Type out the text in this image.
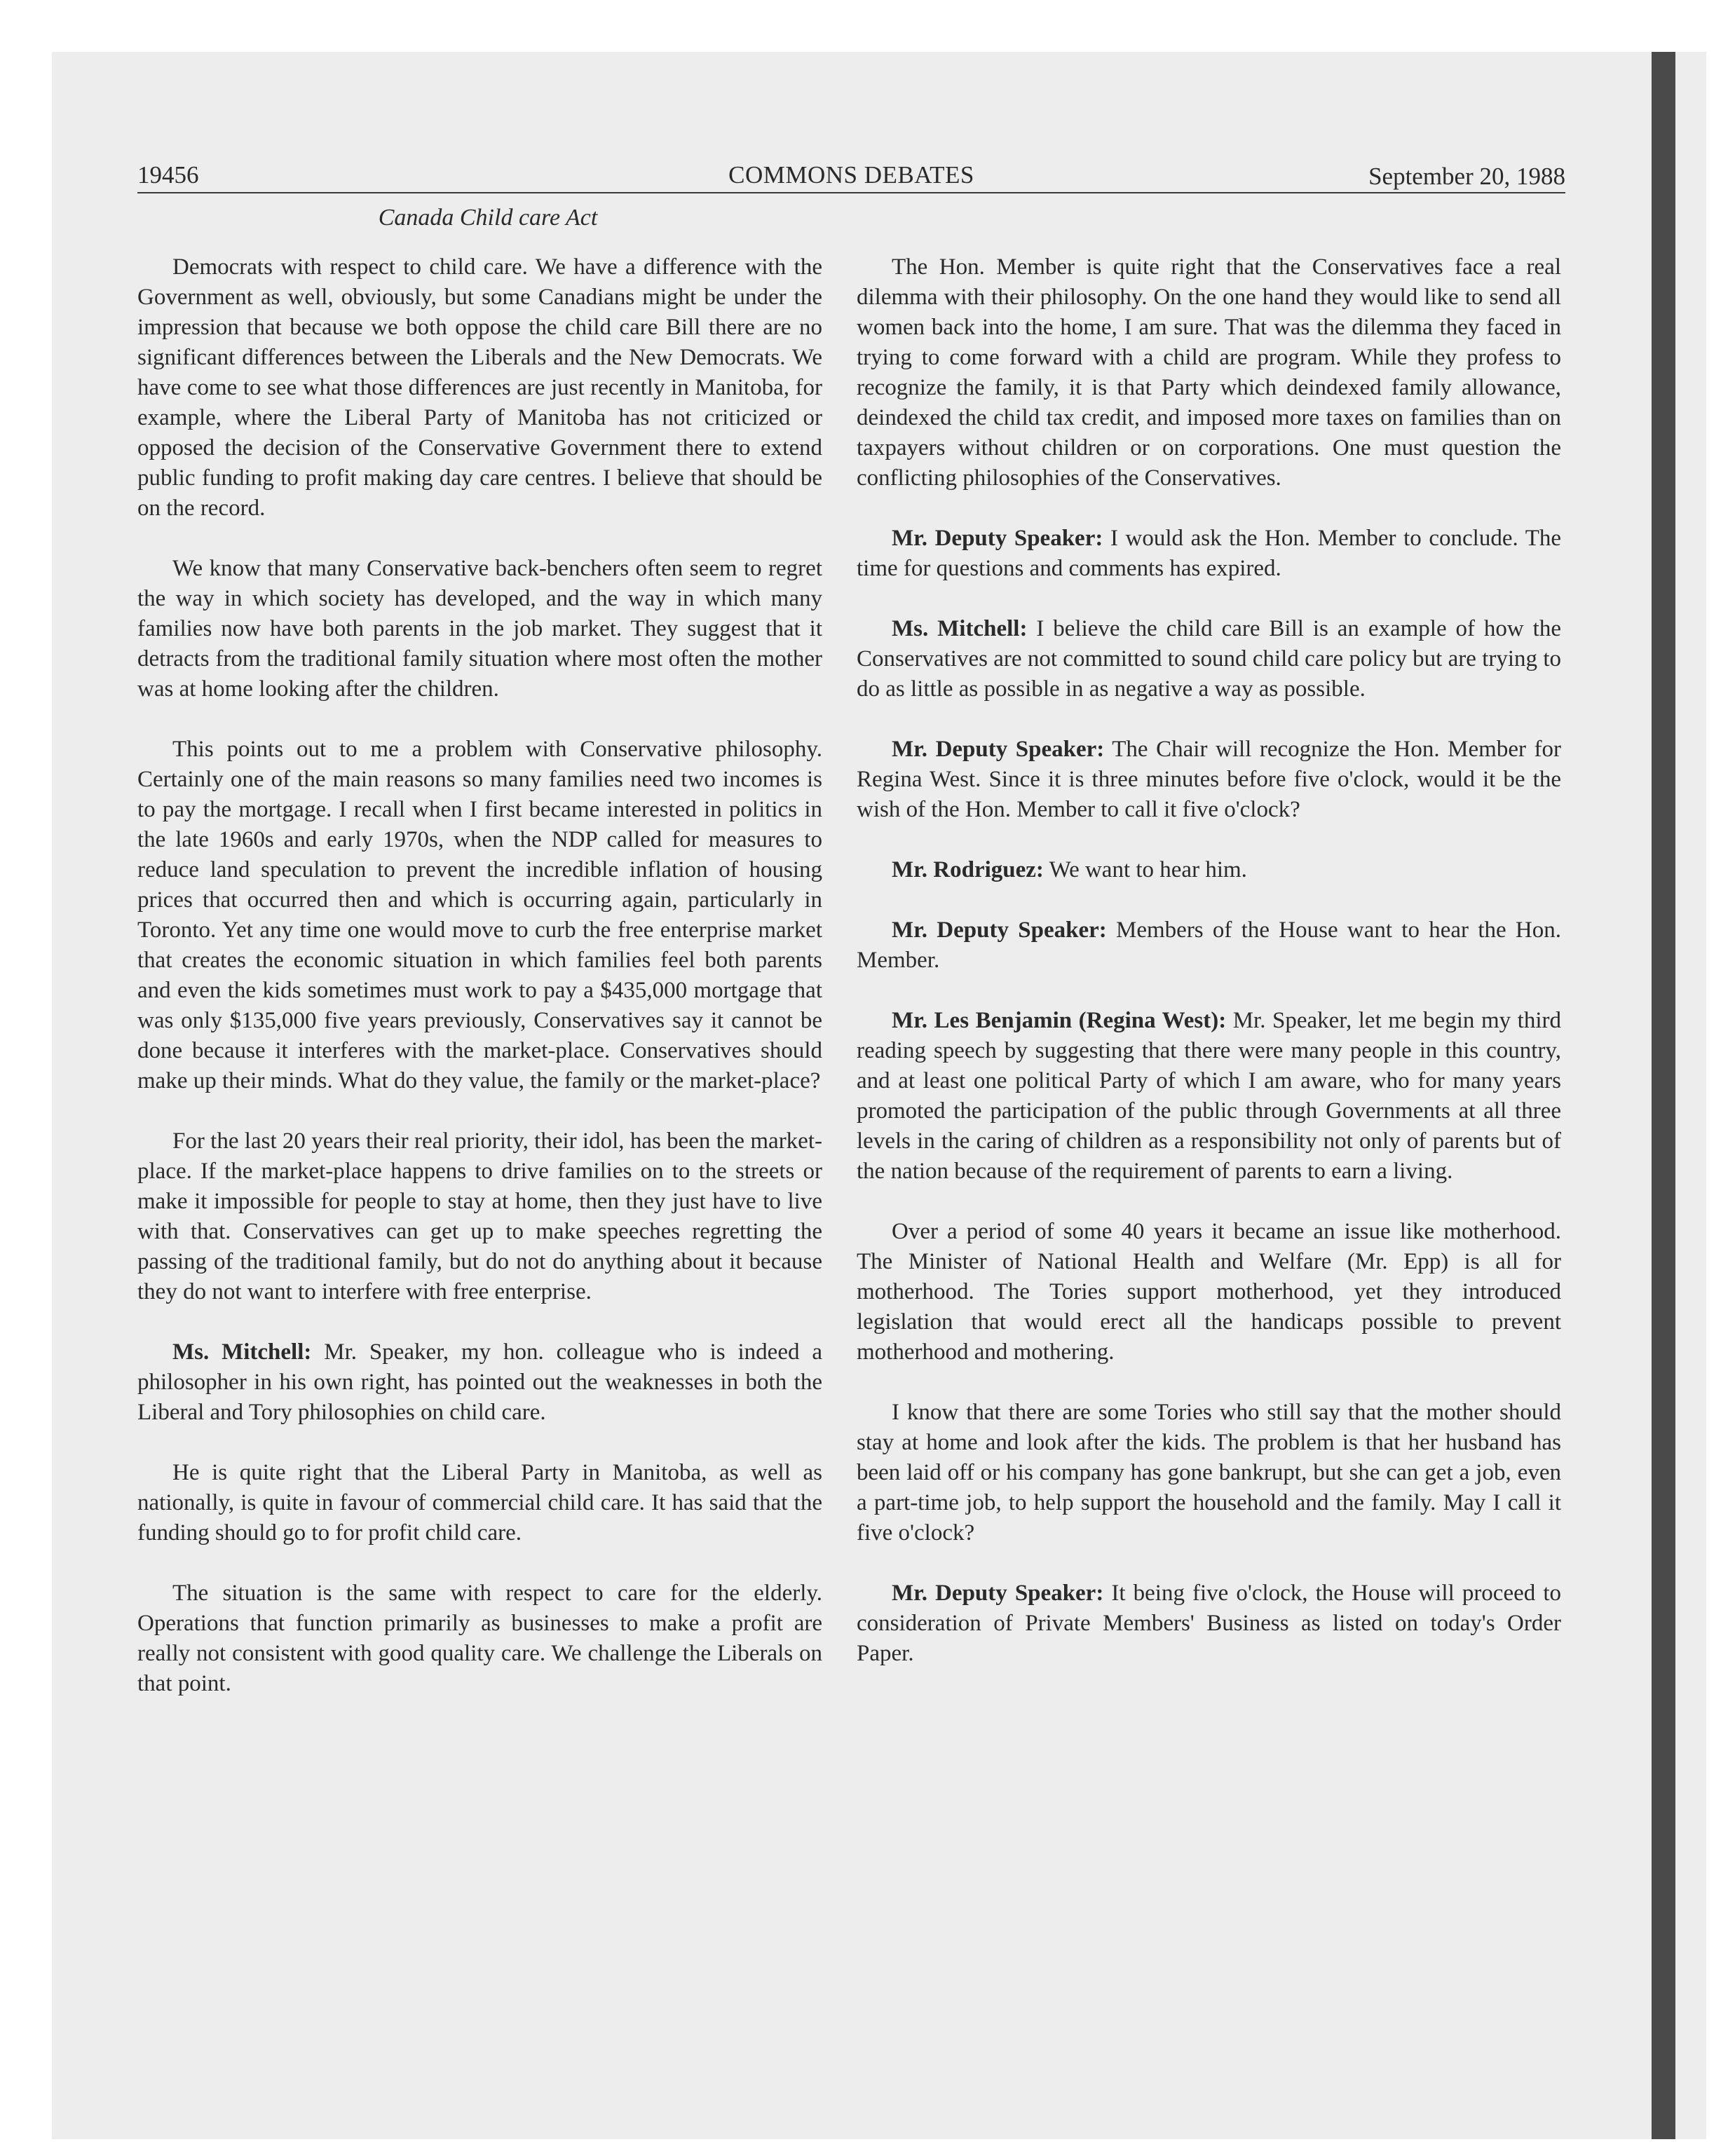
19456	COMMONS DEBATES	September 20, 1988
Canada Child care Act

Democrats with respect to child care. We have a difference with the Government as well, obviously, but some Canadians might be under the impression that because we both oppose the child care Bill there are no significant differences between the Liberals and the New Democrats. We have come to see what those differences are just recently in Manitoba, for example, where the Liberal Party of Manitoba has not criticized or opposed the decision of the Conservative Government there to extend public funding to profit making day care centres. I believe that should be on the record.

We know that many Conservative back-benchers often seem to regret the way in which society has developed, and the way in which many families now have both parents in the job market. They suggest that it detracts from the traditional family situation where most often the mother was at home looking after the children.

This points out to me a problem with Conservative philosophy. Certainly one of the main reasons so many families need two incomes is to pay the mortgage. I recall when I first became interested in politics in the late 1960s and early 1970s, when the NDP called for measures to reduce land speculation to prevent the incredible inflation of housing prices that occurred then and which is occurring again, particularly in Toronto. Yet any time one would move to curb the free enterprise market that creates the economic situation in which families feel both parents and even the kids sometimes must work to pay a $435,000 mortgage that was only $135,000 five years previously, Conservatives say it cannot be done because it interferes with the market-place. Conservatives should make up their minds. What do they value, the family or the market-place?

For the last 20 years their real priority, their idol, has been the market-place. If the market-place happens to drive families on to the streets or make it impossible for people to stay at home, then they just have to live with that. Conservatives can get up to make speeches regretting the passing of the traditional family, but do not do anything about it because they do not want to interfere with free enterprise.

Ms. Mitchell: Mr. Speaker, my hon. colleague who is indeed a philosopher in his own right, has pointed out the weaknesses in both the Liberal and Tory philosophies on child care.

He is quite right that the Liberal Party in Manitoba, as well as nationally, is quite in favour of commercial child care. It has said that the funding should go to for profit child care.

The situation is the same with respect to care for the elderly. Operations that function primarily as businesses to make a profit are really not consistent with good quality care. We challenge the Liberals on that point.

The Hon. Member is quite right that the Conservatives face a real dilemma with their philosophy. On the one hand they would like to send all women back into the home, I am sure. That was the dilemma they faced in trying to come forward with a child are program. While they profess to recognize the family, it is that Party which deindexed family allowance, deindexed the child tax credit, and imposed more taxes on families than on taxpayers without children or on corporations. One must question the conflicting philosophies of the Conservatives.

Mr. Deputy Speaker: I would ask the Hon. Member to conclude. The time for questions and comments has expired.

Ms. Mitchell: I believe the child care Bill is an example of how the Conservatives are not committed to sound child care policy but are trying to do as little as possible in as negative a way as possible.

Mr. Deputy Speaker: The Chair will recognize the Hon. Member for Regina West. Since it is three minutes before five o'clock, would it be the wish of the Hon. Member to call it five o'clock?

Mr. Rodriguez: We want to hear him.

Mr. Deputy Speaker: Members of the House want to hear the Hon. Member.

Mr. Les Benjamin (Regina West): Mr. Speaker, let me begin my third reading speech by suggesting that there were many people in this country, and at least one political Party of which I am aware, who for many years promoted the participation of the public through Governments at all three levels in the caring of children as a responsibility not only of parents but of the nation because of the requirement of parents to earn a living.

Over a period of some 40 years it became an issue like motherhood. The Minister of National Health and Welfare (Mr. Epp) is all for motherhood. The Tories support motherhood, yet they introduced legislation that would erect all the handicaps possible to prevent motherhood and mothering.

I know that there are some Tories who still say that the mother should stay at home and look after the kids. The problem is that her husband has been laid off or his company has gone bankrupt, but she can get a job, even a part-time job, to help support the household and the family. May I call it five o'clock?

Mr. Deputy Speaker: It being five o'clock, the House will proceed to consideration of Private Members' Business as listed on today's Order Paper.
